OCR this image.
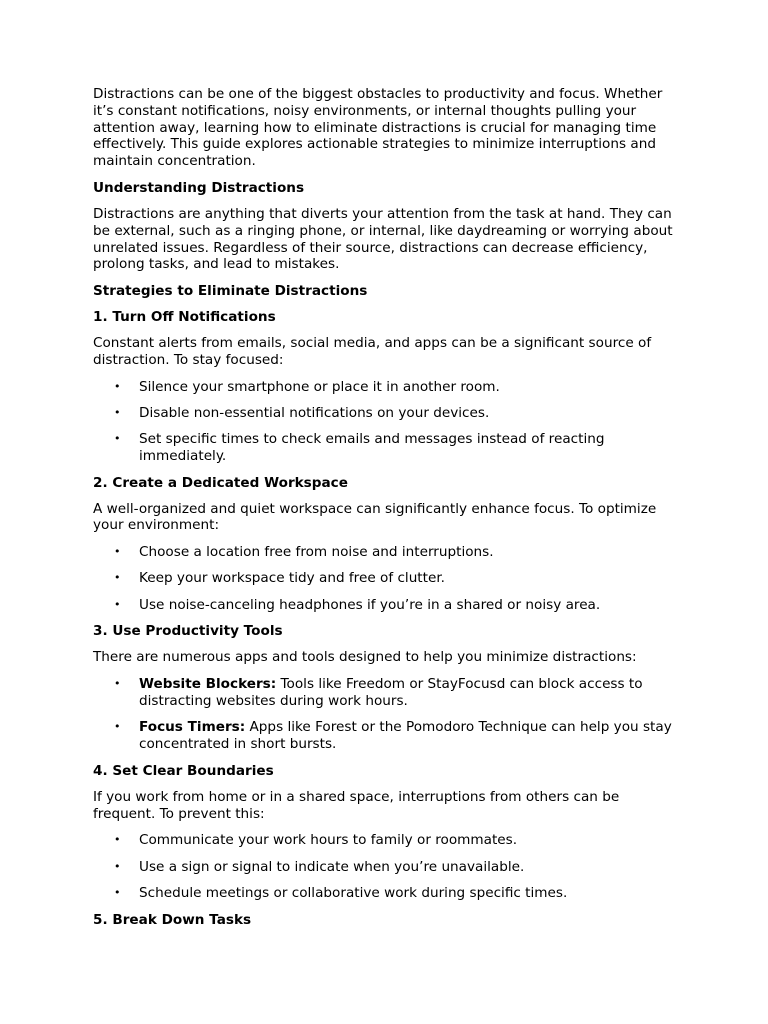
Distractions can be one of the biggest obstacles to productivity and focus. Whether it’s constant notifications, noisy environments, or internal thoughts pulling your attention away, learning how to eliminate distractions is crucial for managing time effectively. This guide explores actionable strategies to minimize interruptions and maintain concentration.

Understanding Distractions

Distractions are anything that diverts your attention from the task at hand. They can be external, such as a ringing phone, or internal, like daydreaming or worrying about unrelated issues. Regardless of their source, distractions can decrease efficiency, prolong tasks, and lead to mistakes.

Strategies to Eliminate Distractions
1. Turn Off Notifications

Constant alerts from emails, social media, and apps can be a significant source of distraction. To stay focused:

• Silence your smartphone or place it in another room.
• Disable non-essential notifications on your devices.
• Set specific times to check emails and messages instead of reacting immediately.
2. Create a Dedicated Workspace

A well-organized and quiet workspace can significantly enhance focus. To optimize your environment:

• Choose a location free from noise and interruptions.
• Keep your workspace tidy and free of clutter.
• Use noise-canceling headphones if you’re in a shared or noisy area.
3. Use Productivity Tools

There are numerous apps and tools designed to help you minimize distractions:

• Website Blockers: Tools like Freedom or StayFocusd can block access to distracting websites during work hours.
• Focus Timers: Apps like Forest or the Pomodoro Technique can help you stay concentrated in short bursts.
4. Set Clear Boundaries

If you work from home or in a shared space, interruptions from others can be frequent. To prevent this:

• Communicate your work hours to family or roommates.
• Use a sign or signal to indicate when you’re unavailable.
• Schedule meetings or collaborative work during specific times.
5. Break Down Tasks
